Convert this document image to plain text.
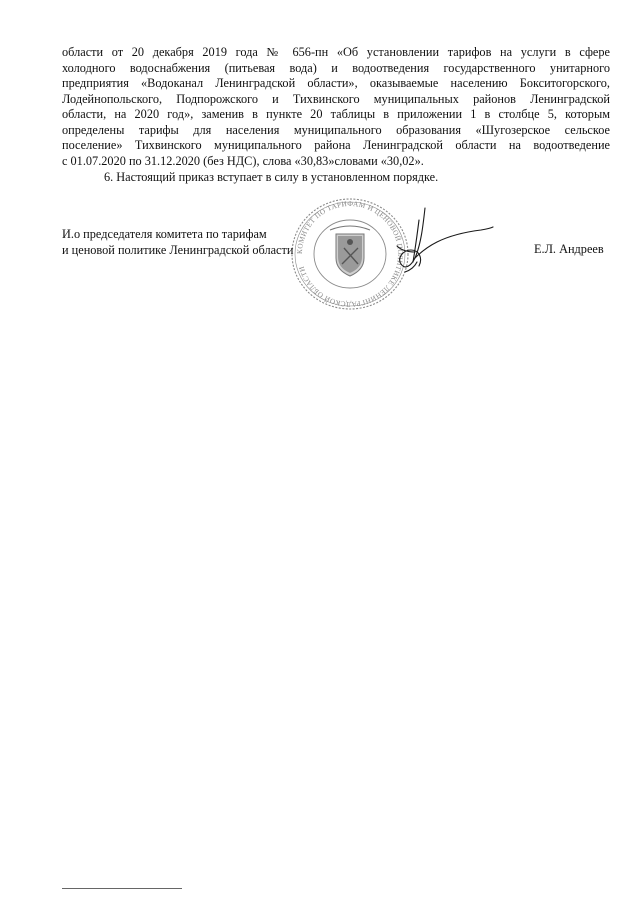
области от 20 декабря 2019 года № 656-пн «Об установлении тарифов на услуги в сфере
холодного водоснабжения (питьевая вода) и водоотведения государственного унитарного
предприятия «Водоканал Ленинградской области», оказываемые населению Бокситогорского,
Лодейнопольского, Подпорожского и Тихвинского муниципальных районов Ленинградской
области, на 2020 год», заменив в пункте 20 таблицы в приложении 1 в столбце 5, которым
определены тарифы для населения муниципального образования «Шугозерское сельское
поселение» Тихвинского муниципального района Ленинградской области на водоотведение
с 01.07.2020 по 31.12.2020 (без НДС), слова «30,83»словами «30,02».

6. Настоящий приказ вступает в силу в установленном порядке.

КОМИТЕТ ПО ТАРИФАМ И ЦЕНОВОЙ ПОЛИТИКЕ ЛЕНИНГРАДСКОЙ ОБЛАСТИ
И.о председателя комитета по тарифам
и ценовой политике Ленинградской области	Е.Л. Андреев
